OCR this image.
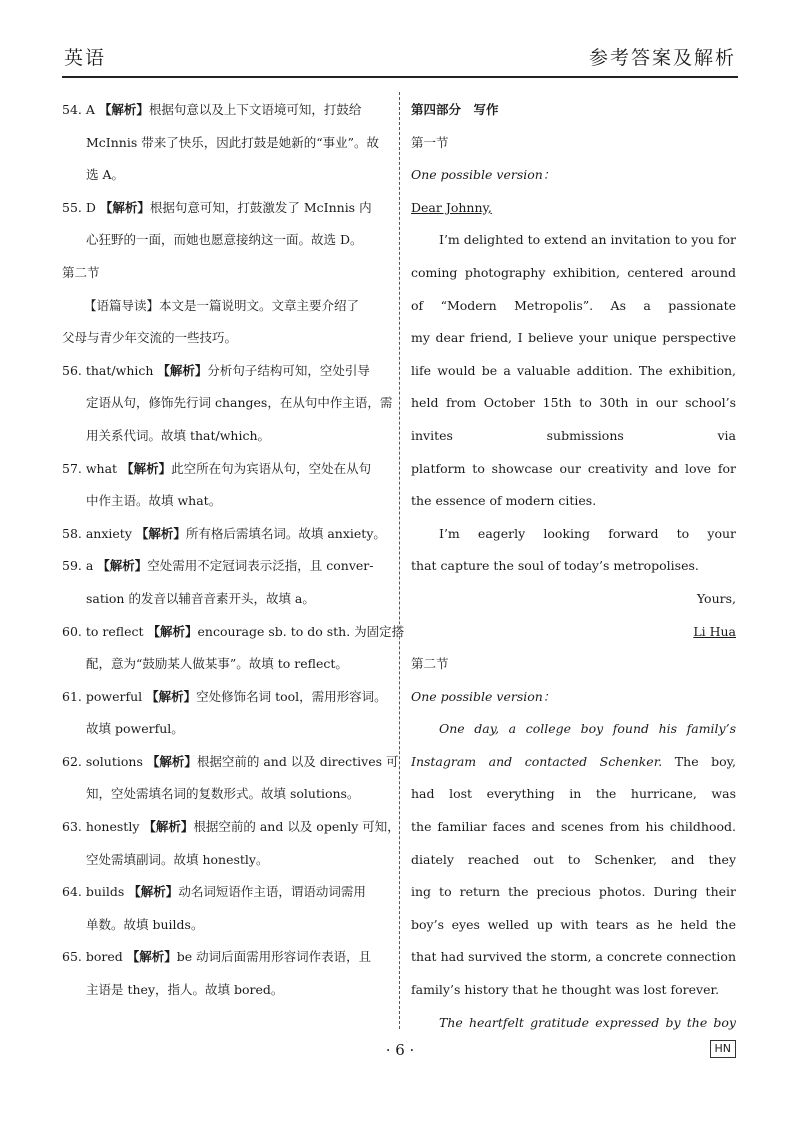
英语	参考答案及解析
54. A 【解析】根据句意以及上下文语境可知，打鼓给
McInnis 带来了快乐，因此打鼓是她新的“事业”。故
选 A。
55. D 【解析】根据句意可知，打鼓激发了 McInnis 内
心狂野的一面，而她也愿意接纳这一面。故选 D。
第二节
【语篇导读】本文是一篇说明文。文章主要介绍了
父母与青少年交流的一些技巧。
56. that/which 【解析】分析句子结构可知，空处引导
定语从句，修饰先行词 changes，在从句中作主语，需
用关系代词。故填 that/which。
57. what 【解析】此空所在句为宾语从句，空处在从句
中作主语。故填 what。
58. anxiety 【解析】所有格后需填名词。故填 anxiety。
59. a 【解析】空处需用不定冠词表示泛指，且 conver-
sation 的发音以辅音音素开头，故填 a。
60. to reflect 【解析】encourage sb. to do sth. 为固定搭
配，意为“鼓励某人做某事”。故填 to reflect。
61. powerful 【解析】空处修饰名词 tool，需用形容词。
故填 powerful。
62. solutions 【解析】根据空前的 and 以及 directives 可
知，空处需填名词的复数形式。故填 solutions。
63. honestly 【解析】根据空前的 and 以及 openly 可知，
空处需填副词。故填 honestly。
64. builds 【解析】动名词短语作主语，谓语动词需用
单数。故填 builds。
65. bored 【解析】be 动词后面需用形容词作表语，且
主语是 they，指人。故填 bored。
第四部分　写作
第一节
One possible version：
Dear Johnny,
I’m delighted to extend an invitation to you for
coming photography exhibition, centered around
of “Modern Metropolis”. As a passionate
my dear friend, I believe your unique perspective
life would be a valuable addition. The exhibition,
held from October 15th to 30th in our school’s
invites submissions via
platform to showcase our creativity and love for
the essence of modern cities.
I’m eagerly looking forward to your
that capture the soul of today’s metropolises.
Yours,
Li Hua
第二节
One possible version：
One day, a college boy found his family’s
Instagram and contacted Schenker. The boy,
had lost everything in the hurricane, was
the familiar faces and scenes from his childhood.
diately reached out to Schenker, and they
ing to return the precious photos. During their
boy’s eyes welled up with tears as he held the
that had survived the storm, a concrete connection
family’s history that he thought was lost forever.
The heartfelt gratitude expressed by the boy
· 6 ·	HN
